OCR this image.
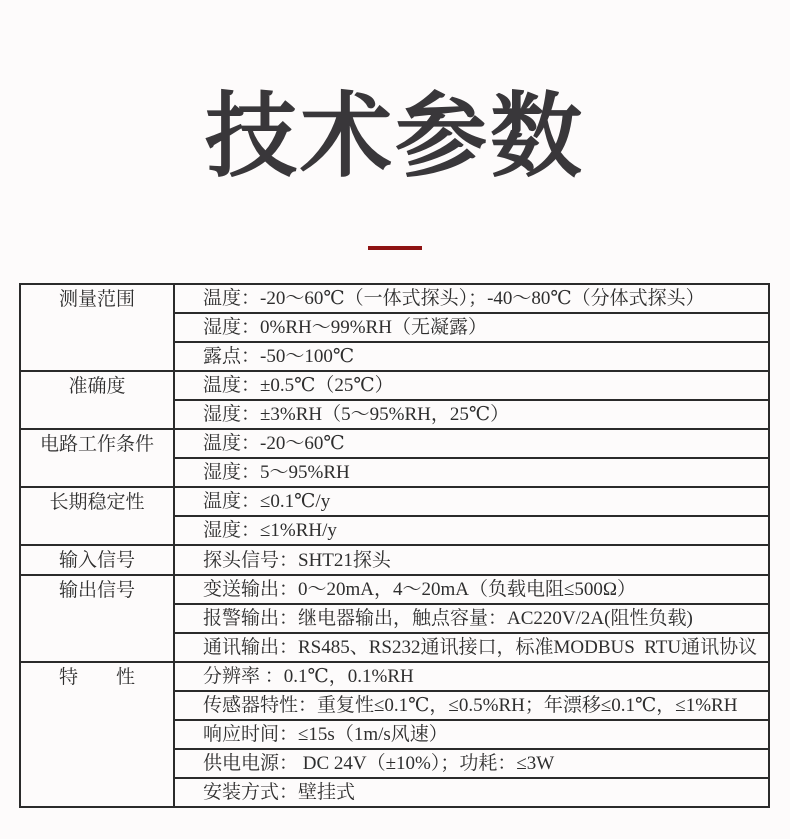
技术参数
测量范围	温度：-20～60℃（一体式探头）；-40～80℃（分体式探头）
	湿度：0%RH～99%RH（无凝露）
	露点：-50～100℃
准确度	温度：±0.5℃（25℃）
	湿度：±3%RH（5～95%RH，25℃）
电路工作条件	温度：-20～60℃
	湿度：5～95%RH
长期稳定性	温度：≤0.1℃/y
	湿度：≤1%RH/y
输入信号	探头信号：SHT21探头
输出信号	变送输出：0～20mA，4～20mA（负载电阻≤500Ω）
	报警输出：继电器输出，触点容量：AC220V/2A(阻性负载)
	通讯输出：RS485、RS232通讯接口，标准MODBUS  RTU通讯协议
特　　性	分辨率 ：0.1℃，0.1%RH
	传感器特性：重复性≤0.1℃，≤0.5%RH；年漂移≤0.1℃，≤1%RH
	响应时间：≤15s（1m/s风速）
	供电电源： DC 24V（±10%）；功耗：≤3W
	安装方式：壁挂式
